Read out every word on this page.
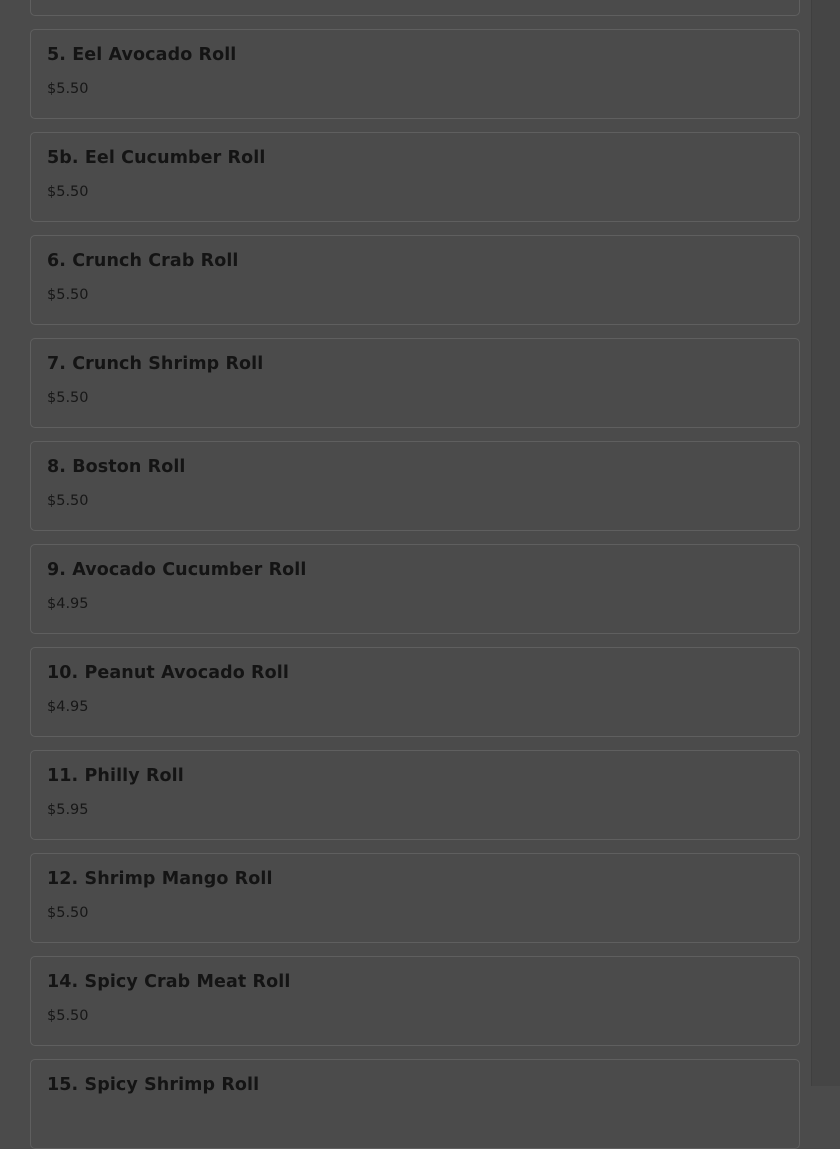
5. Eel Avocado Roll
$5.50
5b. Eel Cucumber Roll
$5.50
6. Crunch Crab Roll
$5.50
7. Crunch Shrimp Roll
$5.50
8. Boston Roll
$5.50
9. Avocado Cucumber Roll
$4.95
10. Peanut Avocado Roll
$4.95
11. Philly Roll
$5.95
12. Shrimp Mango Roll
$5.50
14. Spicy Crab Meat Roll
$5.50
15. Spicy Shrimp Roll
